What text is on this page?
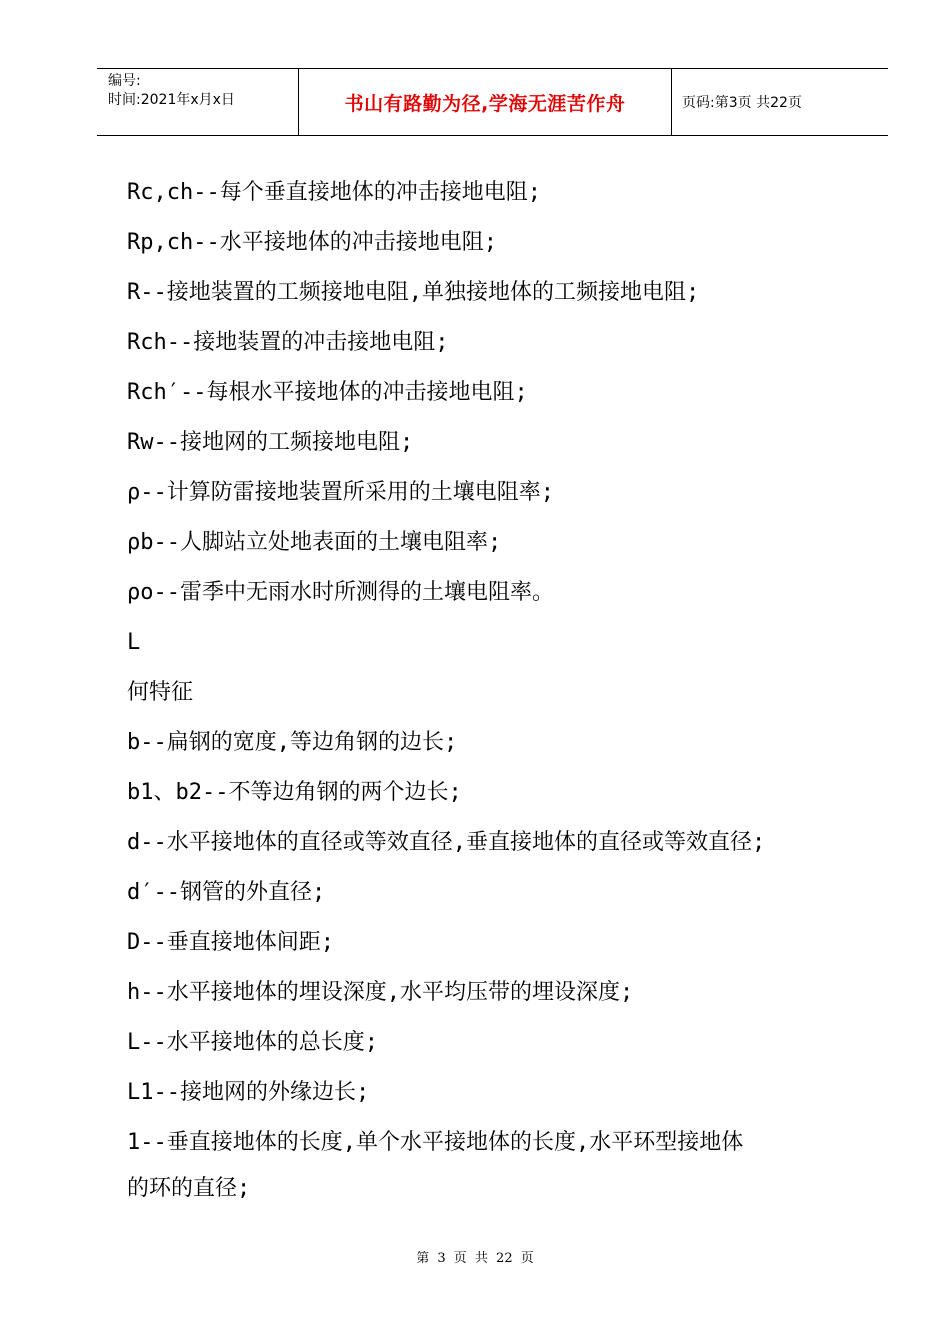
编号:
时间:2021年x月x日	书山有路勤为径,学海无涯苦作舟	页码:第3页 共22页
Rc,ch--每个垂直接地体的冲击接地电阻;
Rp,ch--水平接地体的冲击接地电阻;
R--接地装置的工频接地电阻,单独接地体的工频接地电阻;
Rch--接地装置的冲击接地电阻;
Rch′--每根水平接地体的冲击接地电阻;
Rw--接地网的工频接地电阻;
ρ--计算防雷接地装置所采用的土壤电阻率;
ρb--人脚站立处地表面的土壤电阻率;
ρo--雷季中无雨水时所测得的土壤电阻率。
L
何特征
b--扁钢的宽度,等边角钢的边长;
b1、b2--不等边角钢的两个边长;
d--水平接地体的直径或等效直径,垂直接地体的直径或等效直径;
d′--钢管的外直径;
D--垂直接地体间距;
h--水平接地体的埋设深度,水平均压带的埋设深度;
L--水平接地体的总长度;
L1--接地网的外缘边长;
1--垂直接地体的长度,单个水平接地体的长度,水平环型接地体
的环的直径;
第 3 页 共 22 页
